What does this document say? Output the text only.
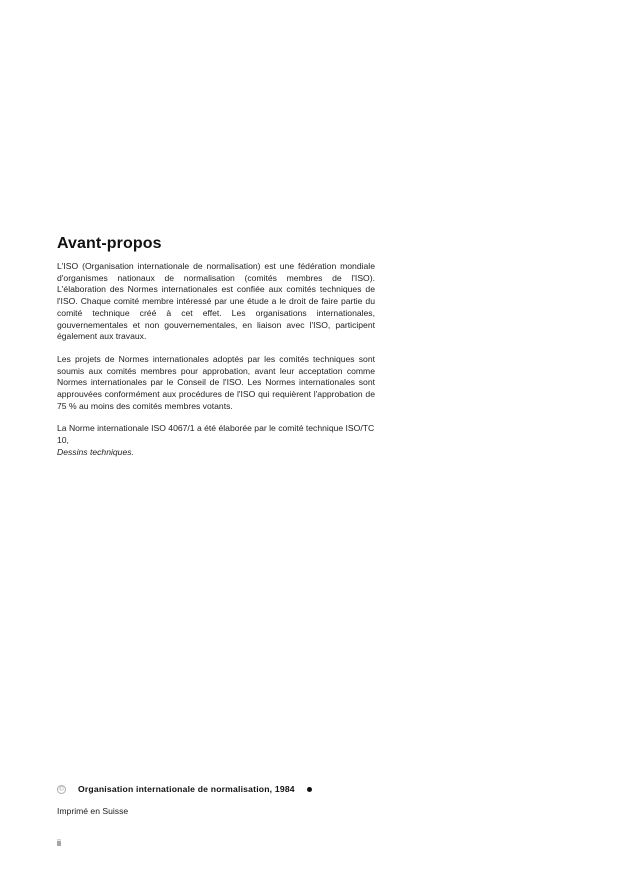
Avant-propos

L'ISO (Organisation internationale de normalisation) est une fédération mondiale d'organismes nationaux de normalisation (comités membres de l'ISO). L'élaboration des Normes internationales est confiée aux comités techniques de l'ISO. Chaque comité membre intéressé par une étude a le droit de faire partie du comité technique créé à cet effet. Les organisations internationales, gouvernementales et non gouvernementales, en liaison avec l'ISO, participent également aux travaux.

Les projets de Normes internationales adoptés par les comités techniques sont soumis aux comités membres pour approbation, avant leur acceptation comme Normes internationales par le Conseil de l'ISO. Les Normes internationales sont approuvées conformément aux procédures de l'ISO qui requièrent l'approbation de 75 % au moins des comités membres votants.

La Norme internationale ISO 4067/1 a été élaborée par le comité technique ISO/TC 10,
Dessins techniques.

© Organisation internationale de normalisation, 1984
Imprimé en Suisse
ii
